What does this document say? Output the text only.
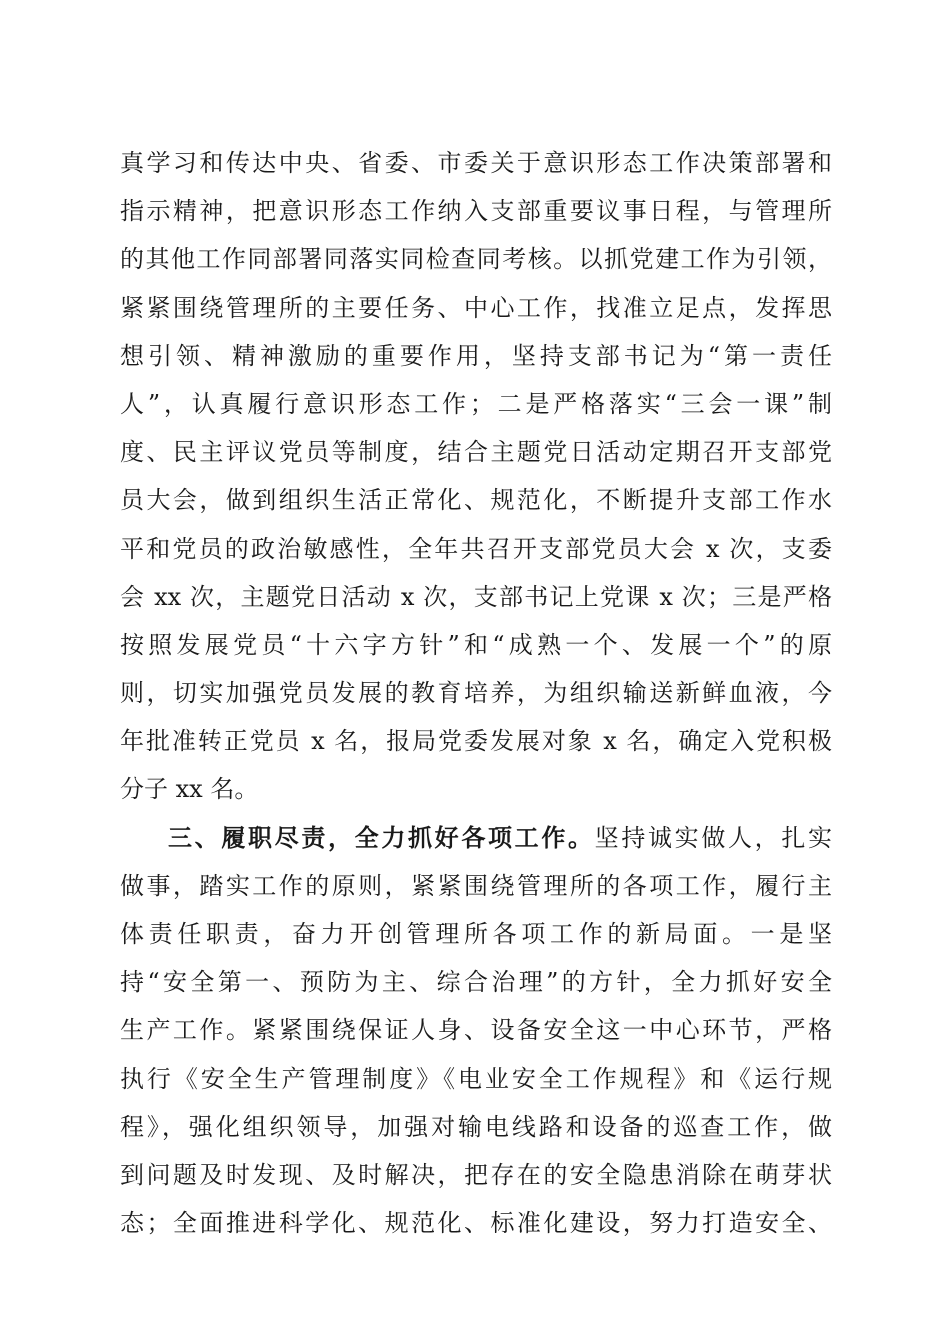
真学习和传达中央、省委、市委关于意识形态工作决策部署和
指示精神，把意识形态工作纳入支部重要议事日程，与管理所
的其他工作同部署同落实同检查同考核。以抓党建工作为引领，
紧紧围绕管理所的主要任务、中心工作，找准立足点，发挥思
想引领、精神激励的重要作用，坚持支部书记为“第一责任
人”，认真履行意识形态工作；二是严格落实“三会一课”制
度、民主评议党员等制度，结合主题党日活动定期召开支部党
员大会，做到组织生活正常化、规范化，不断提升支部工作水
平和党员的政治敏感性，全年共召开支部党员大会 x 次，支委
会 xx 次，主题党日活动 x 次，支部书记上党课 x 次；三是严格
按照发展党员“十六字方针”和“成熟一个、发展一个”的原
则，切实加强党员发展的教育培养，为组织输送新鲜血液，今
年批准转正党员 x 名，报局党委发展对象 x 名，确定入党积极
分子 xx 名。
三、履职尽责，全力抓好各项工作。坚持诚实做人，扎实
做事，踏实工作的原则，紧紧围绕管理所的各项工作，履行主
体责任职责，奋力开创管理所各项工作的新局面。一是坚
持“安全第一、预防为主、综合治理”的方针，全力抓好安全
生产工作。紧紧围绕保证人身、设备安全这一中心环节，严格
执行《安全生产管理制度》《电业安全工作规程》和《运行规
程》，强化组织领导，加强对输电线路和设备的巡查工作，做
到问题及时发现、及时解决，把存在的安全隐患消除在萌芽状
态；全面推进科学化、规范化、标准化建设，努力打造安全、
